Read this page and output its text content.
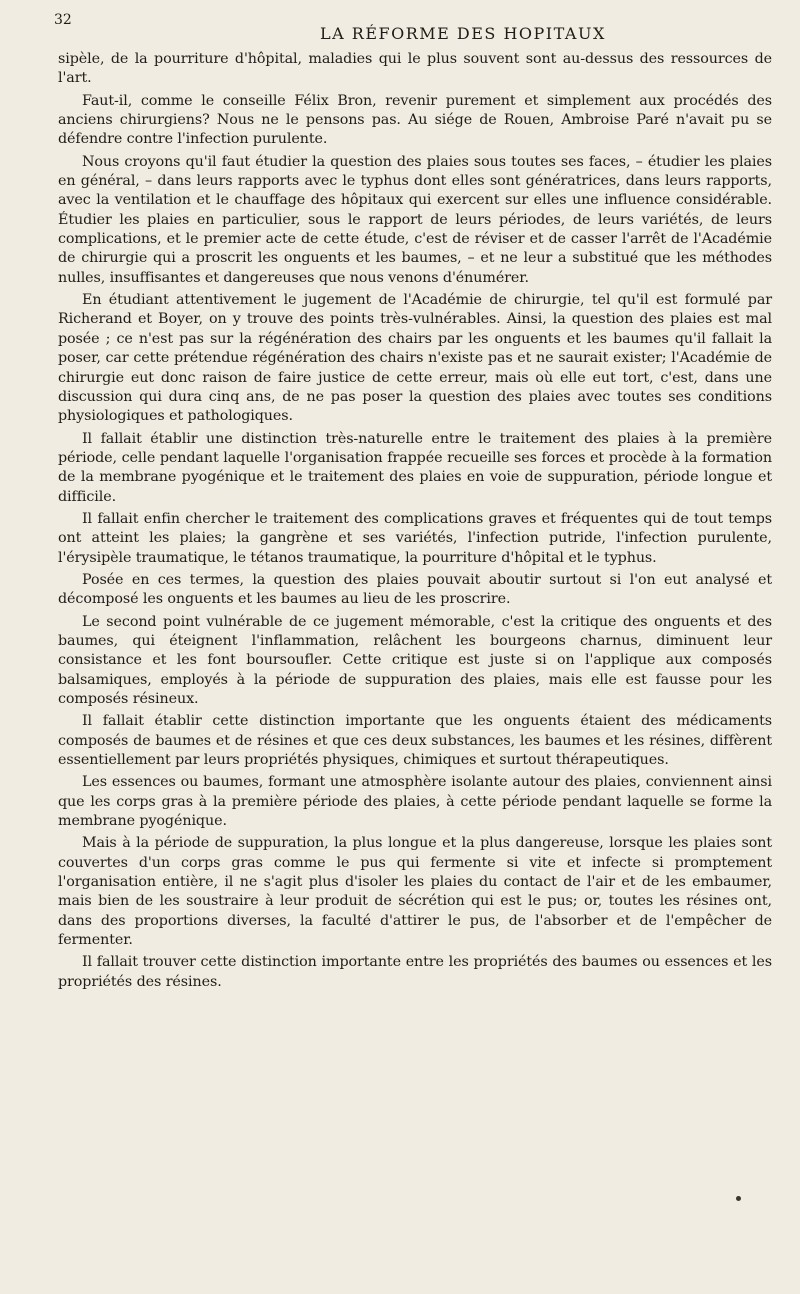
32
LA RÉFORME DES HOPITAUX

sipèle, de la pourriture d'hôpital, maladies qui le plus souvent sont au-dessus des ressources de l'art.

Faut-il, comme le conseille Félix Bron, revenir purement et simplement aux procédés des anciens chirurgiens? Nous ne le pensons pas. Au siége de Rouen, Ambroise Paré n'avait pu se défendre contre l'infection purulente.

Nous croyons qu'il faut étudier la question des plaies sous toutes ses faces, – étudier les plaies en général, – dans leurs rapports avec le typhus dont elles sont génératrices, dans leurs rapports, avec la ventilation et le chauffage des hôpitaux qui exercent sur elles une influence considérable. Étudier les plaies en particulier, sous le rapport de leurs périodes, de leurs variétés, de leurs complications, et le premier acte de cette étude, c'est de réviser et de casser l'arrêt de l'Académie de chirurgie qui a proscrit les onguents et les baumes, – et ne leur a substitué que les méthodes nulles, insuffisantes et dangereuses que nous venons d'énumérer.

En étudiant attentivement le jugement de l'Académie de chirurgie, tel qu'il est formulé par Richerand et Boyer, on y trouve des points très-vulnérables. Ainsi, la question des plaies est mal posée ; ce n'est pas sur la régénération des chairs par les onguents et les baumes qu'il fallait la poser, car cette prétendue régénération des chairs n'existe pas et ne saurait exister; l'Académie de chirurgie eut donc raison de faire justice de cette erreur, mais où elle eut tort, c'est, dans une discussion qui dura cinq ans, de ne pas poser la question des plaies avec toutes ses conditions physiologiques et pathologiques.

Il fallait établir une distinction très-naturelle entre le traitement des plaies à la première période, celle pendant laquelle l'organisation frappée recueille ses forces et procède à la formation de la membrane pyogénique et le traitement des plaies en voie de suppuration, période longue et difficile.

Il fallait enfin chercher le traitement des complications graves et fréquentes qui de tout temps ont atteint les plaies; la gangrène et ses variétés, l'infection putride, l'infection purulente, l'érysipèle traumatique, le tétanos traumatique, la pourriture d'hôpital et le typhus.

Posée en ces termes, la question des plaies pouvait aboutir surtout si l'on eut analysé et décomposé les onguents et les baumes au lieu de les proscrire.

Le second point vulnérable de ce jugement mémorable, c'est la critique des onguents et des baumes, qui éteignent l'inflammation, relâchent les bourgeons charnus, diminuent leur consistance et les font boursoufler. Cette critique est juste si on l'applique aux composés balsamiques, employés à la période de suppuration des plaies, mais elle est fausse pour les composés résineux.

Il fallait établir cette distinction importante que les onguents étaient des médicaments composés de baumes et de résines et que ces deux substances, les baumes et les résines, diffèrent essentiellement par leurs propriétés physiques, chimiques et surtout thérapeutiques.

Les essences ou baumes, formant une atmosphère isolante autour des plaies, conviennent ainsi que les corps gras à la première période des plaies, à cette période pendant laquelle se forme la membrane pyogénique.

Mais à la période de suppuration, la plus longue et la plus dangereuse, lorsque les plaies sont couvertes d'un corps gras comme le pus qui fermente si vite et infecte si promptement l'organisation entière, il ne s'agit plus d'isoler les plaies du contact de l'air et de les embaumer, mais bien de les soustraire à leur produit de sécrétion qui est le pus; or, toutes les résines ont, dans des proportions diverses, la faculté d'attirer le pus, de l'absorber et de l'empêcher de fermenter.

Il fallait trouver cette distinction importante entre les propriétés des baumes ou essences et les propriétés des résines.
